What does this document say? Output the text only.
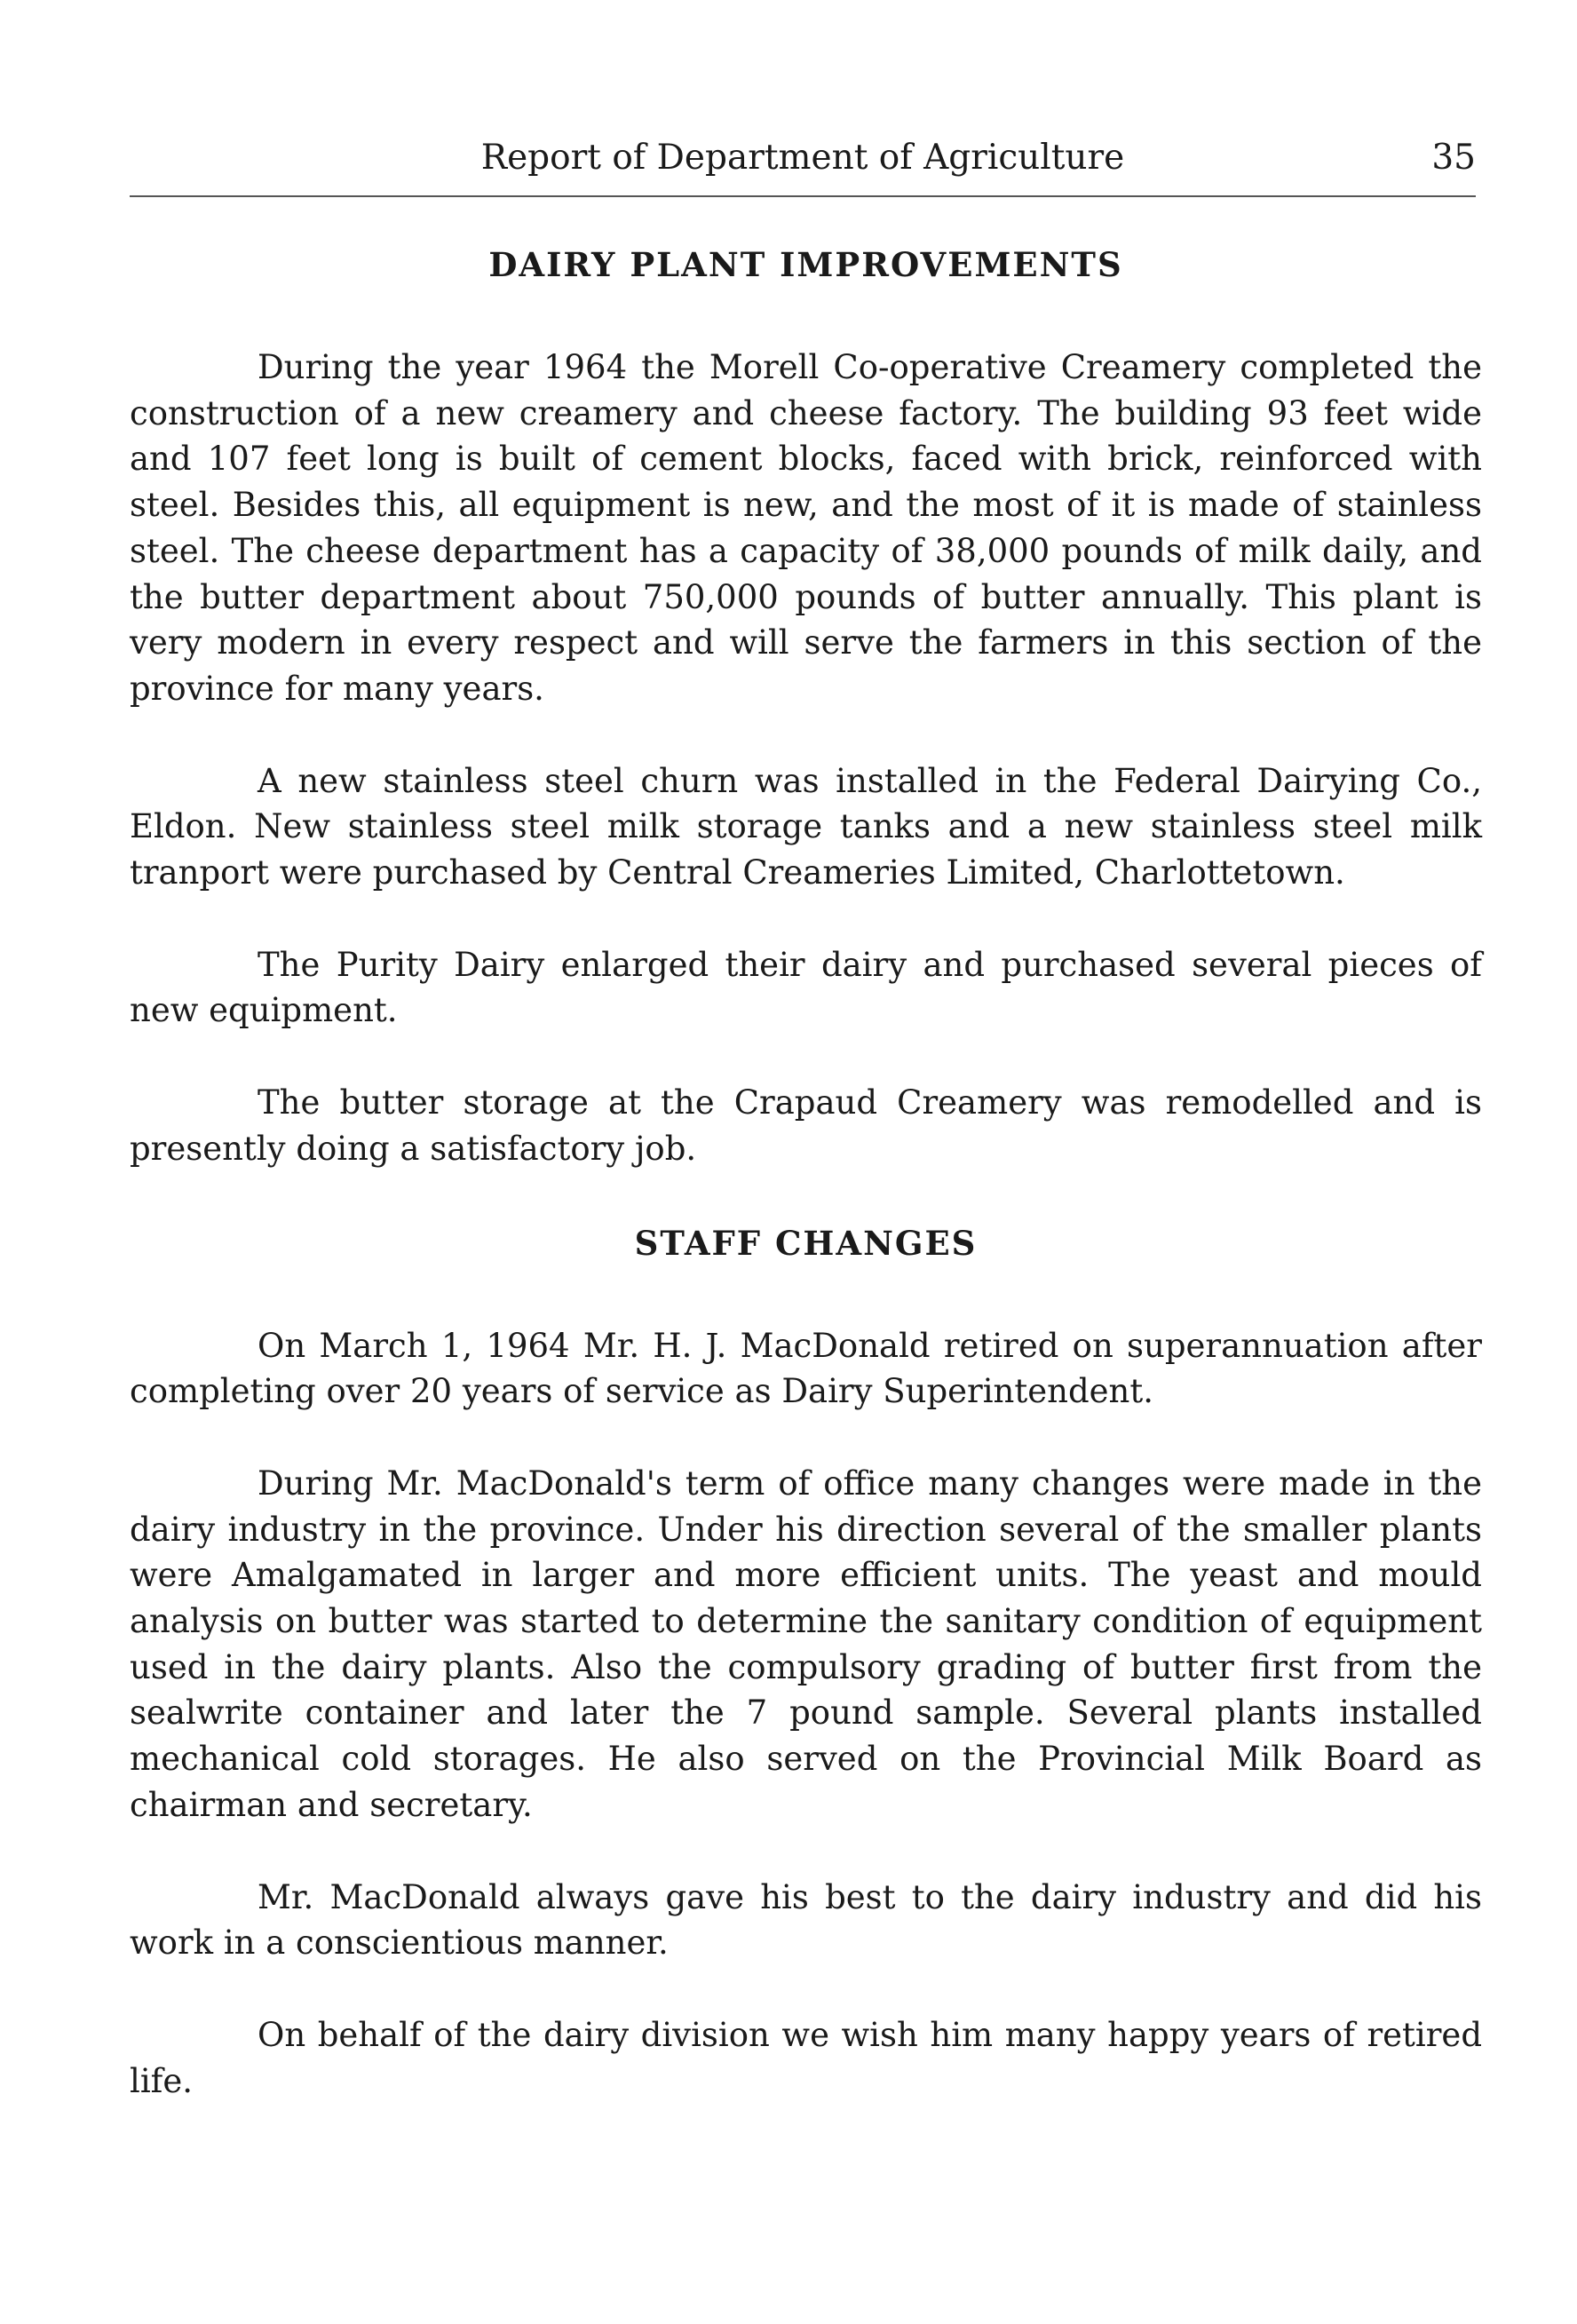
Report of Department of Agriculture	35
DAIRY PLANT IMPROVEMENTS

During the year 1964 the Morell Co-operative Creamery completed the construction of a new creamery and cheese factory. The building 93 feet wide and 107 feet long is built of cement blocks, faced with brick, reinforced with steel. Besides this, all equipment is new, and the most of it is made of stainless steel. The cheese department has a capacity of 38,000 pounds of milk daily, and the butter department about 750,000 pounds of butter annually. This plant is very modern in every respect and will serve the farmers in this section of the province for many years.

A new stainless steel churn was installed in the Federal Dairying Co., Eldon. New stainless steel milk storage tanks and a new stainless steel milk tranport were purchased by Central Creameries Limited, Charlottetown.

The Purity Dairy enlarged their dairy and purchased several pieces of new equipment.

The butter storage at the Crapaud Creamery was remodelled and is presently doing a satisfactory job.

STAFF CHANGES

On March 1, 1964 Mr. H. J. MacDonald retired on superannuation after completing over 20 years of service as Dairy Superintendent.

During Mr. MacDonald's term of office many changes were made in the dairy industry in the province. Under his direction several of the smaller plants were Amalgamated in larger and more efficient units. The yeast and mould analysis on butter was started to determine the sanitary condition of equipment used in the dairy plants. Also the compulsory grading of butter first from the sealwrite container and later the 7 pound sample. Several plants installed mechanical cold storages. He also served on the Provincial Milk Board as chairman and secretary.

Mr. MacDonald always gave his best to the dairy industry and did his work in a conscientious manner.

On behalf of the dairy division we wish him many happy years of retired life.
